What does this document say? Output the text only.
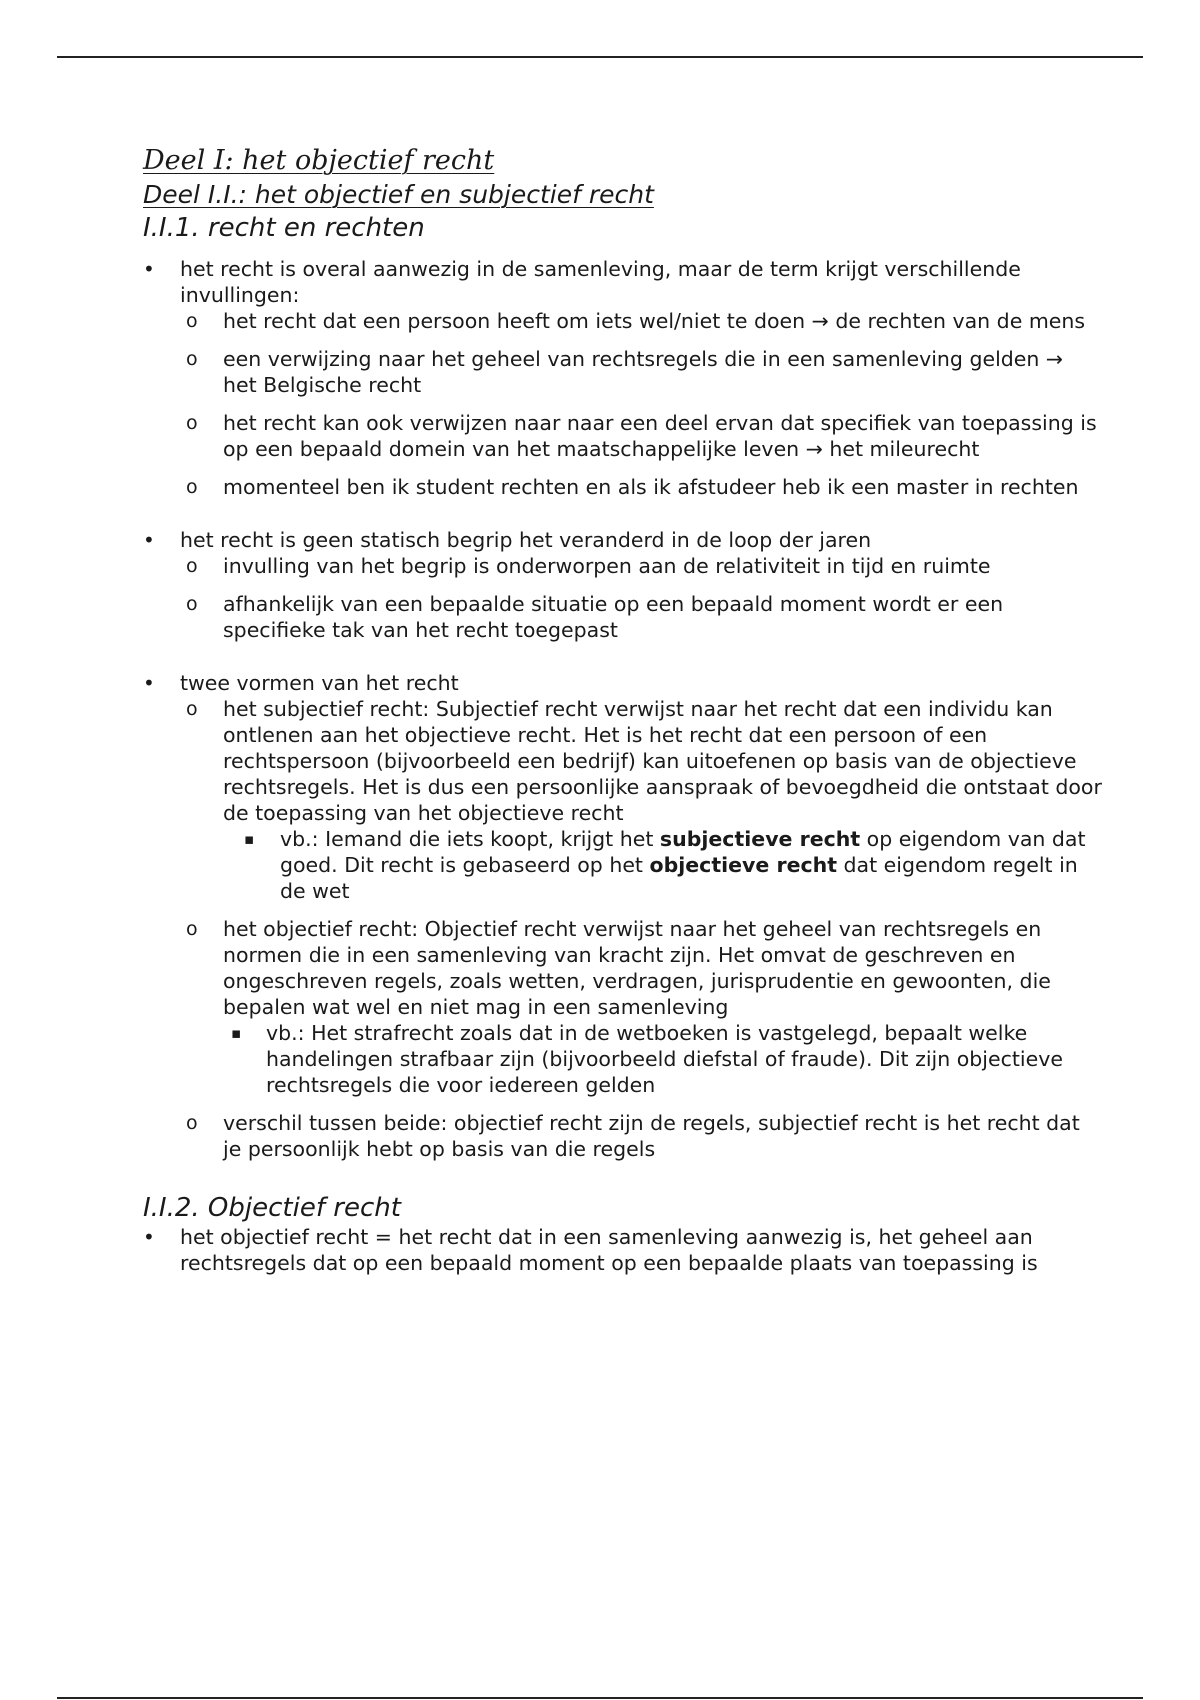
Deel I: het objectief recht

Deel I.I.: het objectief en subjectief recht

I.I.1. recht en rechten

• het recht is overal aanwezig in de samenleving, maar de term krijgt verschillende invullingen:
o het recht dat een persoon heeft om iets wel/niet te doen → de rechten van de mens
o een verwijzing naar het geheel van rechtsregels die in een samenleving gelden → het Belgische recht
o het recht kan ook verwijzen naar naar een deel ervan dat specifiek van toepassing is op een bepaald domein van het maatschappelijke leven → het mileurecht
o momenteel ben ik student rechten en als ik afstudeer heb ik een master in rechten
• het recht is geen statisch begrip het veranderd in de loop der jaren
o invulling van het begrip is onderworpen aan de relativiteit in tijd en ruimte
o afhankelijk van een bepaalde situatie op een bepaald moment wordt er een specifieke tak van het recht toegepast
• twee vormen van het recht
o het subjectief recht: Subjectief recht verwijst naar het recht dat een individu kan ontlenen aan het objectieve recht. Het is het recht dat een persoon of een rechtspersoon (bijvoorbeeld een bedrijf) kan uitoefenen op basis van de objectieve rechtsregels. Het is dus een persoonlijke aanspraak of bevoegdheid die ontstaat door de toepassing van het objectieve recht
▪ vb.: Iemand die iets koopt, krijgt het subjectieve recht op eigendom van dat goed. Dit recht is gebaseerd op het objectieve recht dat eigendom regelt in de wet
o het objectief recht: Objectief recht verwijst naar het geheel van rechtsregels en normen die in een samenleving van kracht zijn. Het omvat de geschreven en ongeschreven regels, zoals wetten, verdragen, jurisprudentie en gewoonten, die bepalen wat wel en niet mag in een samenleving
▪ vb.: Het strafrecht zoals dat in de wetboeken is vastgelegd, bepaalt welke handelingen strafbaar zijn (bijvoorbeeld diefstal of fraude). Dit zijn objectieve rechtsregels die voor iedereen gelden
o verschil tussen beide: objectief recht zijn de regels, subjectief recht is het recht dat je persoonlijk hebt op basis van die regels

I.I.2. Objectief recht

• het objectief recht = het recht dat in een samenleving aanwezig is, het geheel aan rechtsregels dat op een bepaald moment op een bepaalde plaats van toepassing is
